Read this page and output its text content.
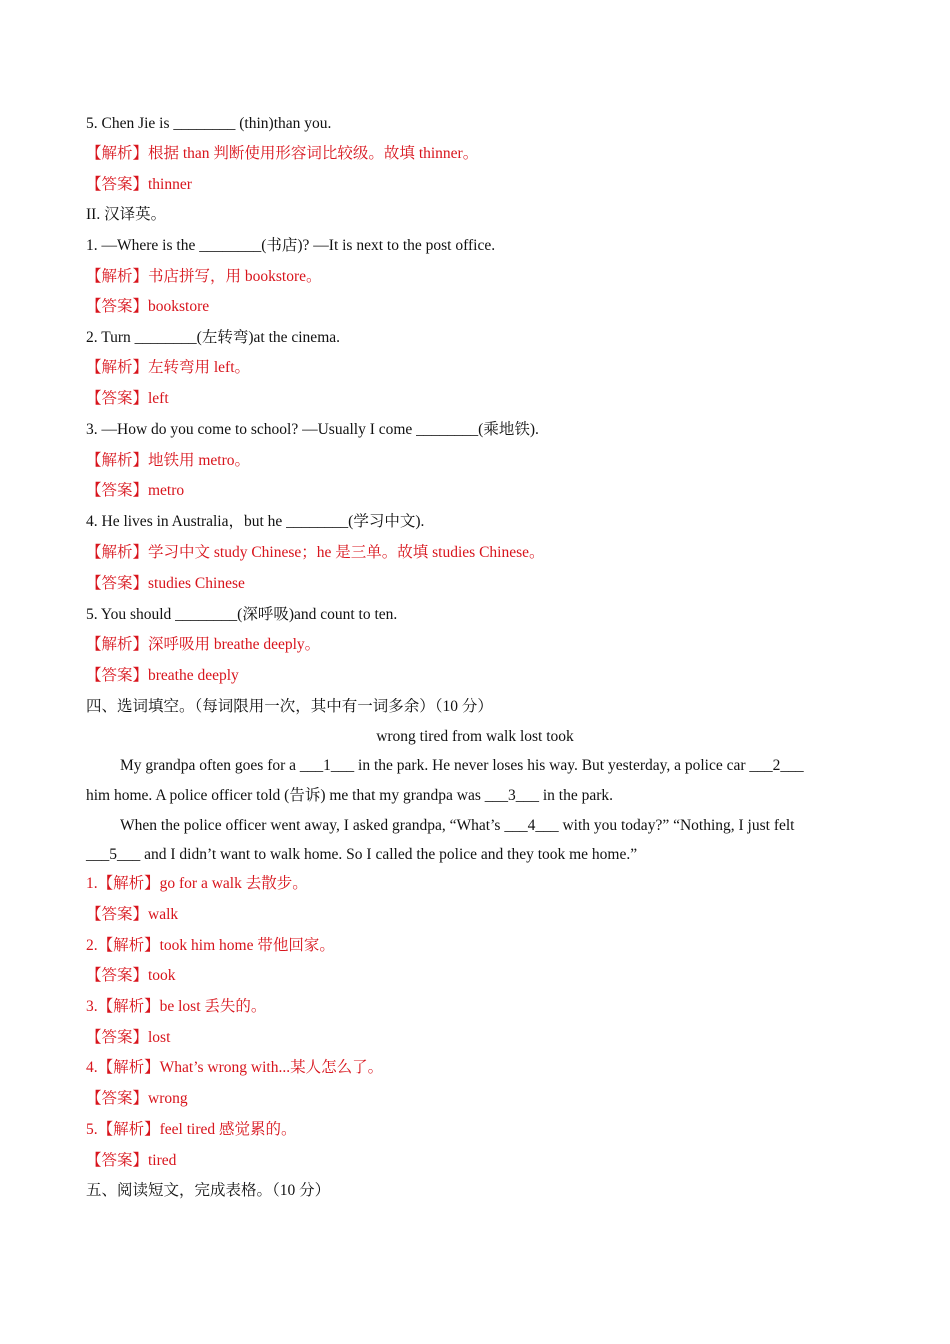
5. Chen Jie is ________ (thin)than you.
【解析】根据 than 判断使用形容词比较级。故填 thinner。
【答案】thinner
II. 汉译英。
1. —Where is the ________(书店)? —It is next to the post office.
【解析】书店拼写，用 bookstore。
【答案】bookstore
2. Turn ________(左转弯)at the cinema.
【解析】左转弯用 left。
【答案】left
3. —How do you come to school? —Usually I come ________(乘地铁).
【解析】地铁用 metro。
【答案】metro
4. He lives in Australia，but he ________(学习中文).
【解析】学习中文 study Chinese；he 是三单。故填 studies Chinese。
【答案】studies Chinese
5. You should ________(深呼吸)and count to ten.
【解析】深呼吸用 breathe deeply。
【答案】breathe deeply
四、选词填空。（每词限用一次，其中有一词多余）（10 分）
wrong tired from walk lost took
My grandpa often goes for a ___1___ in the park. He never loses his way. But yesterday, a police car ___2___
him home. A police officer told (告诉) me that my grandpa was ___3___ in the park.
When the police officer went away, I asked grandpa, “What’s ___4___ with you today?” “Nothing, I just felt
___5___ and I didn’t want to walk home. So I called the police and they took me home.”
1.【解析】go for a walk 去散步。
【答案】walk
2.【解析】took him home 带他回家。
【答案】took
3.【解析】be lost 丢失的。
【答案】lost
4.【解析】What’s wrong with...某人怎么了。
【答案】wrong
5.【解析】feel tired 感觉累的。
【答案】tired
五、阅读短文，完成表格。（10 分）
